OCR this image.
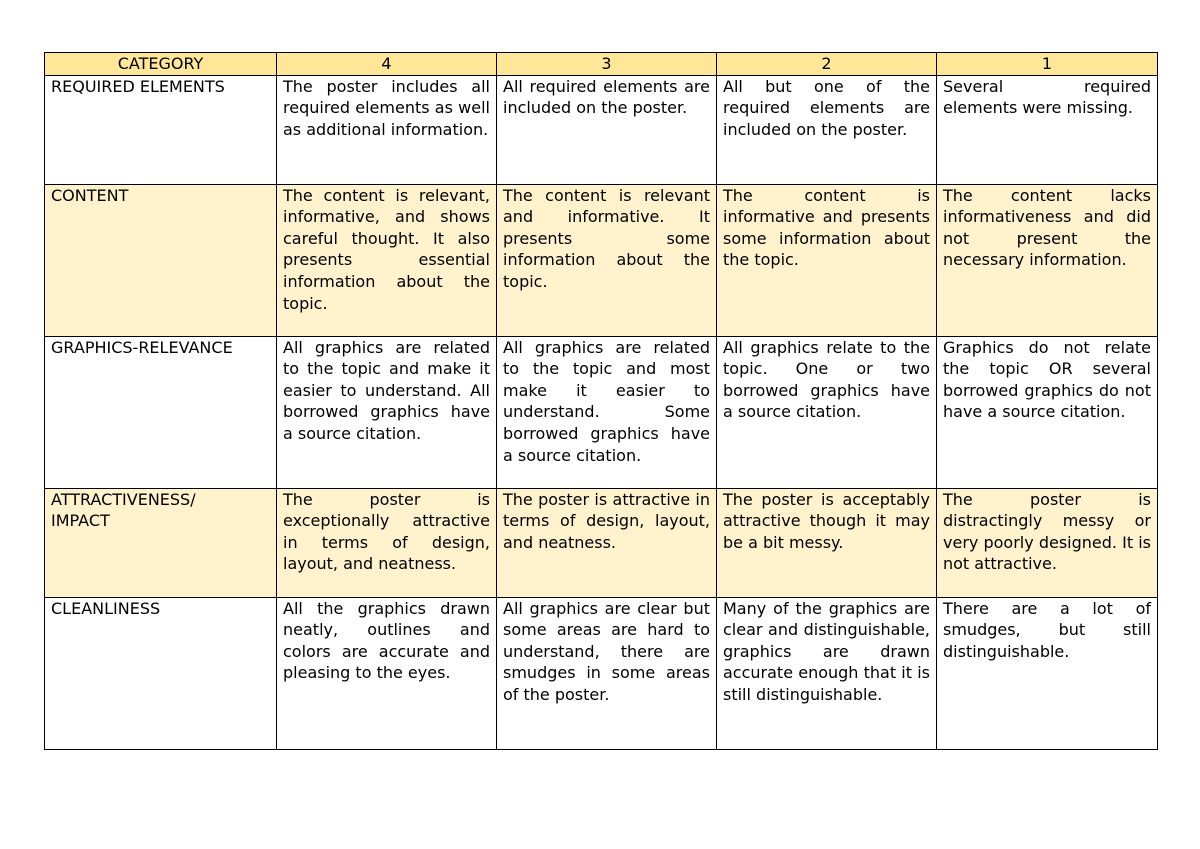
CATEGORY	4	3	2	1
REQUIRED ELEMENTS	The poster includes all required elements as well as additional information.	All required elements are included on the poster.	All but one of the required elements are included on the poster.	Several required elements were missing.
CONTENT	The content is relevant, informative, and shows careful thought. It also presents essential information about the topic.	The content is relevant and informative. It presents some information about the topic.	The content is informative and presents some information about the topic.	The content lacks informativeness and did not present the necessary information.
GRAPHICS-RELEVANCE	All graphics are related to the topic and make it easier to understand. All borrowed graphics have a source citation.	All graphics are related to the topic and most make it easier to understand. Some borrowed graphics have a source citation.	All graphics relate to the topic. One or two borrowed graphics have a source citation.	Graphics do not relate the topic OR several borrowed graphics do not have a source citation.
ATTRACTIVENESS/
IMPACT	The poster is exceptionally attractive in terms of design, layout, and neatness.	The poster is attractive in terms of design, layout, and neatness.	The poster is acceptably attractive though it may be a bit messy.	The poster is distractingly messy or very poorly designed. It is not attractive.
CLEANLINESS	All the graphics drawn neatly, outlines and colors are accurate and pleasing to the eyes.	All graphics are clear but some areas are hard to understand, there are smudges in some areas of the poster.	Many of the graphics are clear and distinguishable, graphics are drawn accurate enough that it is still distinguishable.	There are a lot of smudges, but still distinguishable.
